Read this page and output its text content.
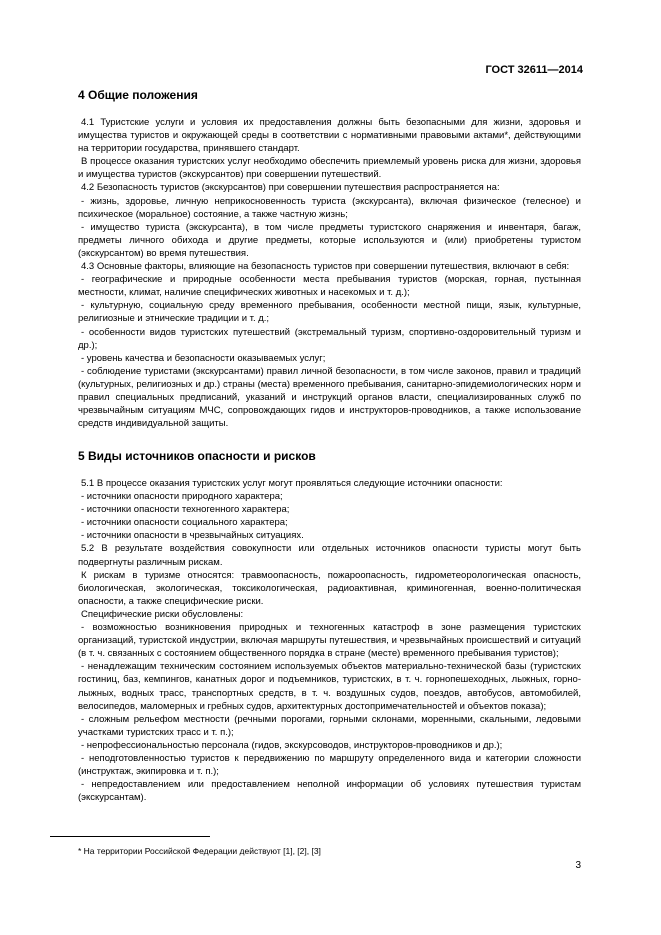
ГОСТ 32611—2014
4 Общие положения

4.1 Туристские услуги и условия их предоставления должны быть безопасными для жизни, здоровья и имущества туристов и окружающей среды в соответствии с нормативными правовыми актами*, действующими на территории государства, принявшего стандарт.

В процессе оказания туристских услуг необходимо обеспечить приемлемый уровень риска для жизни, здоровья и имущества туристов (экскурсантов) при совершении путешествий.

4.2 Безопасность туристов (экскурсантов) при совершении путешествия распространяется на:

- жизнь, здоровье, личную неприкосновенность туриста (экскурсанта), включая физическое (телесное) и психическое (моральное) состояние, а также частную жизнь;

- имущество туриста (экскурсанта), в том числе предметы туристского снаряжения и инвентаря, багаж, предметы личного обихода и другие предметы, которые используются и (или) приобретены туристом (экскурсантом) во время путешествия.

4.3 Основные факторы, влияющие на безопасность туристов при совершении путешествия, включают в себя:

- географические и природные особенности места пребывания туристов (морская, горная, пустынная местности, климат, наличие специфических животных и насекомых и т. д.);

- культурную, социальную среду временного пребывания, особенности местной пищи, язык, культурные, религиозные и этнические традиции и т. д.;

- особенности видов туристских путешествий (экстремальный туризм, спортивно-оздоровительный туризм и др.);

- уровень качества и безопасности оказываемых услуг;

- соблюдение туристами (экскурсантами) правил личной безопасности, в том числе законов, правил и традиций (культурных, религиозных и др.) страны (места) временного пребывания, санитарно-эпидемиологических норм и правил специальных предписаний, указаний и инструкций органов власти, специализированных служб по чрезвычайным ситуациям МЧС, сопровождающих гидов и инструкторов-проводников, а также использование средств индивидуальной защиты.

5 Виды источников опасности и рисков

5.1 В процессе оказания туристских услуг могут проявляться следующие источники опасности:

- источники опасности природного характера;

- источники опасности техногенного характера;

- источники опасности социального характера;

- источники опасности в чрезвычайных ситуациях.

5.2 В результате воздействия совокупности или отдельных источников опасности туристы могут быть подвергнуты различным рискам.

К рискам в туризме относятся: травмоопасность, пожароопасность, гидрометеорологическая опасность, биологическая, экологическая, токсикологическая, радиоактивная, криминогенная, военно-политическая опасности, а также специфические риски.

Специфические риски обусловлены:

- возможностью возникновения природных и техногенных катастроф в зоне размещения туристских организаций, туристской индустрии, включая маршруты путешествия, и чрезвычайных происшествий и ситуаций (в т. ч. связанных с состоянием общественного порядка в стране (месте) временного пребывания туристов);

- ненадлежащим техническим состоянием используемых объектов материально-технической базы (туристских гостиниц, баз, кемпингов, канатных дорог и подъемников, туристских, в т. ч. горнопешеходных, лыжных, горно-лыжных, водных трасс, транспортных средств, в т. ч. воздушных судов, поездов, автобусов, автомобилей, велосипедов, маломерных и гребных судов, архитектурных достопримечательностей и объектов показа);

- сложным рельефом местности (речными порогами, горными склонами, моренными, скальными, ледовыми участками туристских трасс и т. п.);

- непрофессиональностью персонала (гидов, экскурсоводов, инструкторов-проводников и др.);

- неподготовленностью туристов к передвижению по маршруту определенного вида и категории сложности (инструктаж, экипировка и т. п.);

- непредоставлением или предоставлением неполной информации об условиях путешествия туристам (экскурсантам).

* На территории Российской Федерации действуют [1], [2], [3]
3
